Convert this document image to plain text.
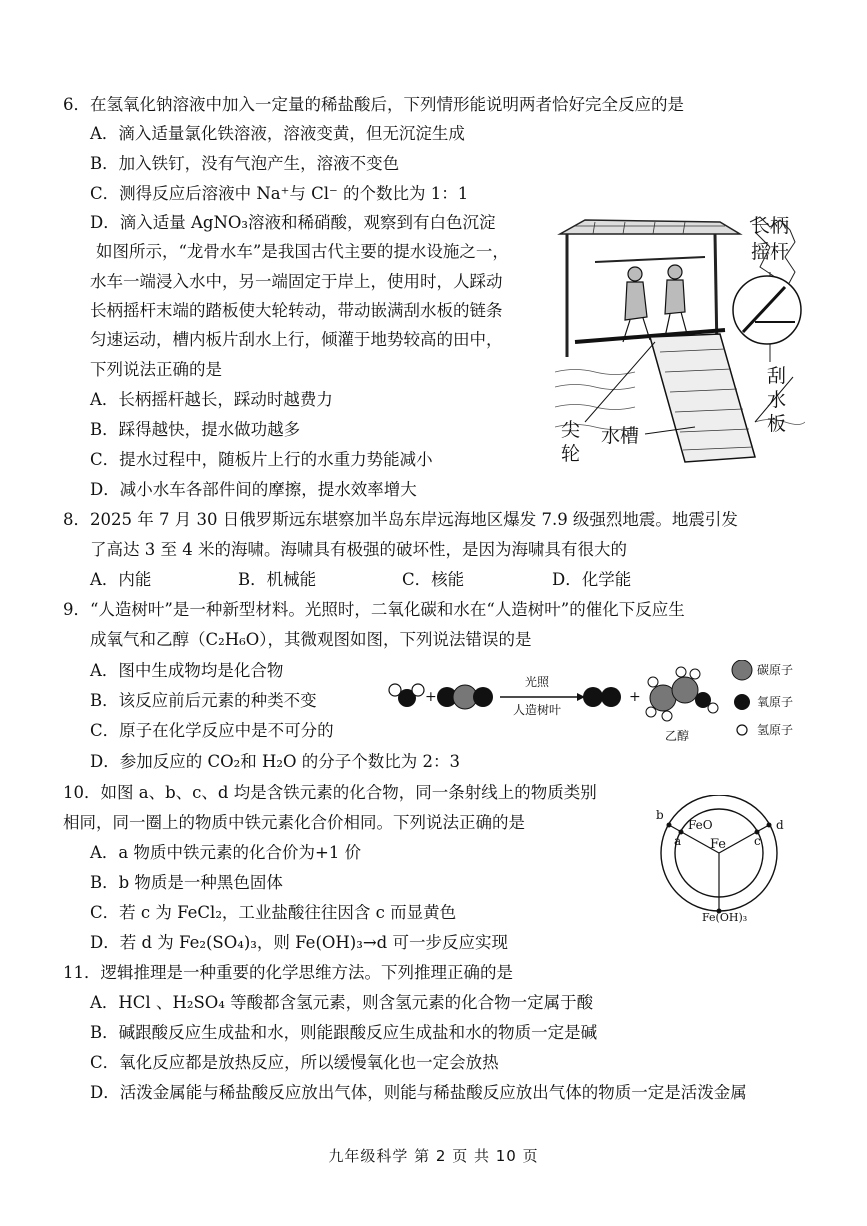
6．在氢氧化钠溶液中加入一定量的稀盐酸后，下列情形能说明两者恰好完全反应的是
A．滴入适量氯化铁溶液，溶液变黄，但无沉淀生成
B．加入铁钉，没有气泡产生，溶液不变色
C．测得反应后溶液中 Na⁺与 Cl⁻ 的个数比为 1：1
D．滴入适量 AgNO₃溶液和稀硝酸，观察到有白色沉淀
如图所示，“龙骨水车”是我国古代主要的提水设施之一，
水车一端浸入水中，另一端固定于岸上，使用时，人踩动
长柄摇杆末端的踏板使大轮转动，带动嵌满刮水板的链条
匀速运动，槽内板片刮水上行，倾灌于地势较高的田中，
下列说法正确的是
A．长柄摇杆越长，踩动时越费力
B．踩得越快，提水做功越多
C．提水过程中，随板片上行的水重力势能减小
D．减小水车各部件间的摩擦，提水效率增大
长柄
摇杆
刮
水
板
尖
轮
水槽
8．2025 年 7 月 30 日俄罗斯远东堪察加半岛东岸远海地区爆发 7.9 级强烈地震。地震引发
了高达 3 至 4 米的海啸。海啸具有极强的破坏性，是因为海啸具有很大的
A．内能	B．机械能	C．核能	D．化学能
9．“人造树叶”是一种新型材料。光照时，二氧化碳和水在“人造树叶”的催化下反应生
成氧气和乙醇（C₂H₆O），其微观图如图，下列说法错误的是
A．图中生成物均是化合物
B．该反应前后元素的种类不变
C．原子在化学反应中是不可分的
D．参加反应的 CO₂和 H₂O 的分子个数比为 2：3
+	+
光照
人造树叶
乙醇
碳原子
氧原子
氢原子
10．如图 a、b、c、d 均是含铁元素的化合物，同一条射线上的物质类别
相同，同一圈上的物质中铁元素化合价相同。下列说法正确的是
A．a 物质中铁元素的化合价为+1 价
B．b 物质是一种黑色固体
C．若 c 为 FeCl₂，工业盐酸往往因含 c 而显黄色
D．若 d 为 Fe₂(SO₄)₃，则 Fe(OH)₃→d 可一步反应实现
Fe
FeO
a
b
c
d
Fe(OH)₃
11．逻辑推理是一种重要的化学思维方法。下列推理正确的是
A．HCl 、H₂SO₄ 等酸都含氢元素，则含氢元素的化合物一定属于酸
B．碱跟酸反应生成盐和水，则能跟酸反应生成盐和水的物质一定是碱
C．氧化反应都是放热反应，所以缓慢氧化也一定会放热
D．活泼金属能与稀盐酸反应放出气体，则能与稀盐酸反应放出气体的物质一定是活泼金属
九年级科学 第 2 页 共 10 页
